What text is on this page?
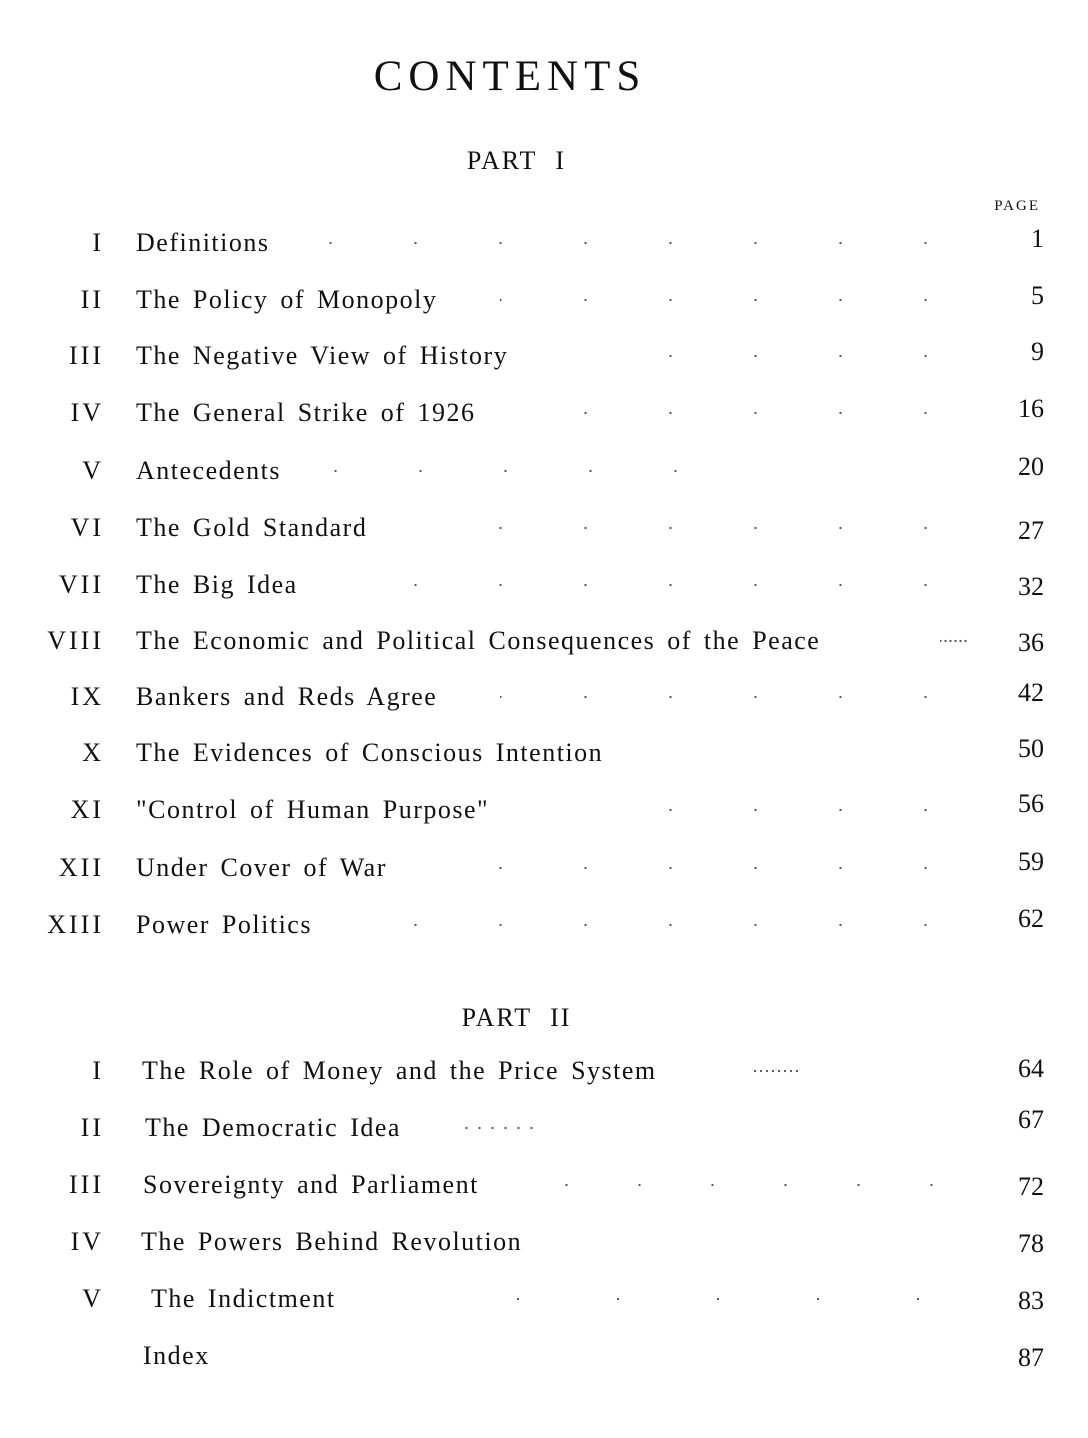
CONTENTS
PART I
PAGE
I Definitions	1
II The Policy of Monopoly	5
III The Negative View of History	9
IV The General Strike of 1926	16
V Antecedents	20
VI The Gold Standard	27
VII The Big Idea	32
VIII The Economic and Political Consequences of the Peace	36
IX Bankers and Reds Agree	42
X The Evidences of Conscious Intention	50
XI "Control of Human Purpose"	56
XII Under Cover of War	59
XIII Power Politics	62
PART II
I The Role of Money and the Price System	64
II The Democratic Idea	67
III Sovereignty and Parliament	72
IV The Powers Behind Revolution	78
V The Indictment	83
Index	87
